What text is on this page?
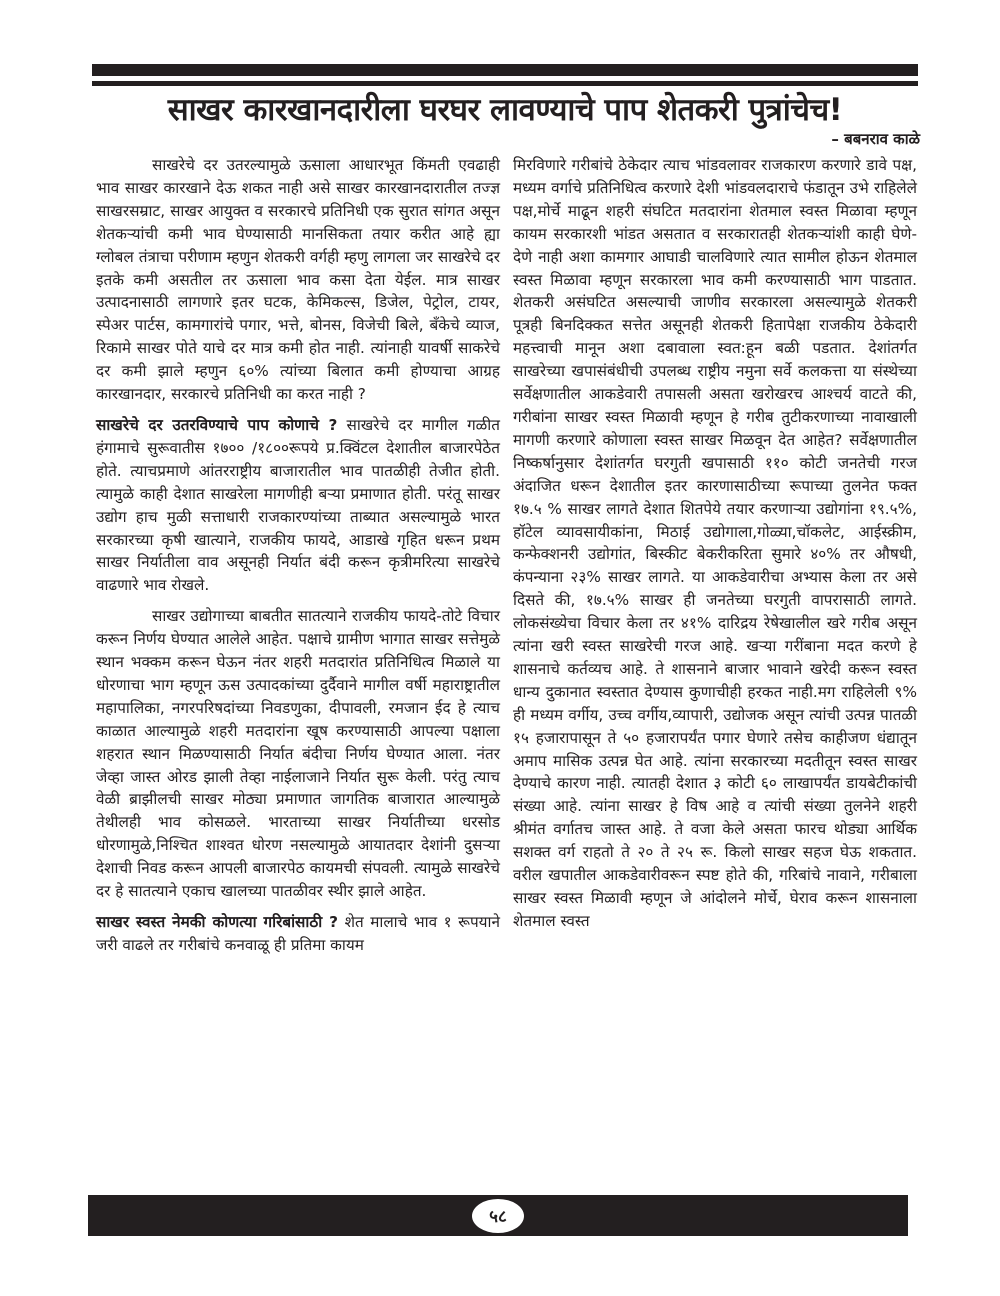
साखर कारखानदारीला घरघर लावण्याचे पाप शेतकरी पुत्रांचेच!
– बबनराव काळे

साखरेचे दर उतरल्यामुळे ऊसाला आधारभूत किंमती एवढाही भाव साखर कारखाने देऊ शकत नाही असे साखर कारखानदारातील तज्ज्ञ साखरसम्राट, साखर आयुक्त व सरकारचे प्रतिनिधी एक सुरात सांगत असून शेतकऱ्यांची कमी भाव घेण्यासाठी मानसिकता तयार करीत आहे ह्या ग्लोबल तंत्राचा परीणाम म्हणुन शेतकरी वर्गही म्हणु लागला जर साखरेचे दर इतके कमी असतील तर ऊसाला भाव कसा देता येईल. मात्र साखर उत्पादनासाठी लागणारे इतर घटक, केमिकल्स, डिजेल, पेट्रोल, टायर, स्पेअर पार्टस, कामगारांचे पगार, भत्ते, बोनस, विजेची बिले, बँकेचे व्याज, रिकामे साखर पोते याचे दर मात्र कमी होत नाही. त्यांनाही यावर्षी साकरेचे दर कमी झाले म्हणुन ६०% त्यांच्या बिलात कमी होण्याचा आग्रह कारखानदार, सरकारचे प्रतिनिधी का करत नाही ?

साखरेचे दर उतरविण्याचे पाप कोणाचे ? साखरेचे दर मागील गळीत हंगामाचे सुरूवातीस १७०० /१८००रूपये प्र.क्विंटल देशातील बाजारपेठेत होते. त्याचप्रमाणे आंतरराष्ट्रीय बाजारातील भाव पातळीही तेजीत होती. त्यामुळे काही देशात साखरेला मागणीही बऱ्या प्रमाणात होती. परंतू साखर उद्योग हाच मुळी सत्ताधारी राजकारण्यांच्या ताब्यात असल्यामुळे भारत सरकारच्या कृषी खात्याने, राजकीय फायदे, आडाखे गृहित धरून प्रथम साखर निर्यातीला वाव असूनही निर्यात बंदी करून कृत्रीमरित्या साखरेचे वाढणारे भाव रोखले.

साखर उद्योगाच्या बाबतीत सातत्याने राजकीय फायदे-तोटे विचार करून निर्णय घेण्यात आलेले आहेत. पक्षाचे ग्रामीण भागात साखर सत्तेमुळे स्थान भक्कम करून घेऊन नंतर शहरी मतदारांत प्रतिनिधित्व मिळाले या धोरणाचा भाग म्हणून ऊस उत्पादकांच्या दुर्दैवाने मागील वर्षी महाराष्ट्रातील महापालिका, नगरपरिषदांच्या निवडणुका, दीपावली, रमजान ईद हे त्याच काळात आल्यामुळे शहरी मतदारांना खूष करण्यासाठी आपल्या पक्षाला शहरात स्थान मिळण्यासाठी निर्यात बंदीचा निर्णय घेण्यात आला. नंतर जेव्हा जास्त ओरड झाली तेव्हा नाईलाजाने निर्यात सुरू केली. परंतु त्याच वेळी ब्राझीलची साखर मोठ्या प्रमाणात जागतिक बाजारात आल्यामुळे तेथीलही भाव कोसळले. भारताच्या साखर निर्यातीच्या धरसोड धोरणामुळे,निश्चित शाश्वत धोरण नसल्यामुळे आयातदार देशांनी दुसऱ्या देशाची निवड करून आपली बाजारपेठ कायमची संपवली. त्यामुळे साखरेचे दर हे सातत्याने एकाच खालच्या पातळीवर स्थीर झाले आहेत.

साखर स्वस्त नेमकी कोणत्या गरिबांसाठी ? शेत मालाचे भाव १ रूपयाने जरी वाढले तर गरीबांचे कनवाळू ही प्रतिमा कायम

मिरविणारे गरीबांचे ठेकेदार त्याच भांडवलावर राजकारण करणारे डावे पक्ष, मध्यम वर्गाचे प्रतिनिधित्व करणारे देशी भांडवलदाराचे फंडातून उभे राहिलेले पक्ष,मोर्चे माढून शहरी संघटित मतदारांना शेतमाल स्वस्त मिळावा म्हणून कायम सरकारशी भांडत असतात व सरकारातही शेतकऱ्यांशी काही घेणे-देणे नाही अशा कामगार आघाडी चालविणारे त्यात सामील होऊन शेतमाल स्वस्त मिळावा म्हणून सरकारला भाव कमी करण्यासाठी भाग पाडतात. शेतकरी असंघटित असल्याची जाणीव सरकारला असल्यामुळे शेतकरी पूत्रही बिनदिक्कत सत्तेत असूनही शेतकरी हितापेक्षा राजकीय ठेकेदारी महत्त्वाची मानून अशा दबावाला स्वत:हून बळी पडतात. देशांतर्गत साखरेच्या खपासंबंधीची उपलब्ध राष्ट्रीय नमुना सर्वे कलकत्ता या संस्थेच्या सर्वेक्षणातील आकडेवारी तपासली असता खरोखरच आश्चर्य वाटते की, गरीबांना साखर स्वस्त मिळावी म्हणून हे गरीब तुटीकरणाच्या नावाखाली मागणी करणारे कोणाला स्वस्त साखर मिळवून देत आहेत? सर्वेक्षणातील निष्कर्षानुसार देशांतर्गत घरगुती खपासाठी ११० कोटी जनतेची गरज अंदाजित धरून देशातील इतर कारणासाठीच्या रूपाच्या तुलनेत फक्त १७.५ % साखर लागते देशात शितपेये तयार करणाऱ्या उद्योगांना १९.५%, हॉटेल व्यावसायीकांना, मिठाई उद्योगाला,गोळ्या,चॉकलेट, आईस्क्रीम, कन्फेक्शनरी उद्योगांत, बिस्कीट बेकरीकरिता सुमारे ४०% तर औषधी, कंपन्याना २३% साखर लागते. या आकडेवारीचा अभ्यास केला तर असे दिसते की, १७.५% साखर ही जनतेच्या घरगुती वापरासाठी लागते. लोकसंख्येचा विचार केला तर ४१% दारिद्रय रेषेखालील खरे गरीब असून त्यांना खरी स्वस्त साखरेची गरज आहे. खऱ्या गरींबाना मदत करणे हे शासनाचे कर्तव्यच आहे. ते शासनाने बाजार भावाने खरेदी करून स्वस्त धान्य दुकानात स्वस्तात देण्यास कुणाचीही हरकत नाही.मग राहिलेली ९% ही मध्यम वर्गीय, उच्च वर्गीय,व्यापारी, उद्योजक असून त्यांची उत्पन्न पातळी १५ हजारापासून ते ५० हजारापर्यंत पगार घेणारे तसेच काहीजण धंद्यातून अमाप मासिक उत्पन्न घेत आहे. त्यांना सरकारच्या मदतीतून स्वस्त साखर देण्याचे कारण नाही. त्यातही देशात ३ कोटी ६० लाखापर्यंत डायबेटीकांची संख्या आहे. त्यांना साखर हे विष आहे व त्यांची संख्या तुलनेने शहरी श्रीमंत वर्गातच जास्त आहे. ते वजा केले असता फारच थोड्या आर्थिक सशक्त वर्ग राहतो ते २० ते २५ रू. किलो साखर सहज घेऊ शकतात. वरील खपातील आकडेवारीवरून स्पष्ट होते की, गरिबांचे नावाने, गरीबाला साखर स्वस्त मिळावी म्हणून जे आंदोलने मोर्चे, घेराव करून शासनाला शेतमाल स्वस्त

५८
